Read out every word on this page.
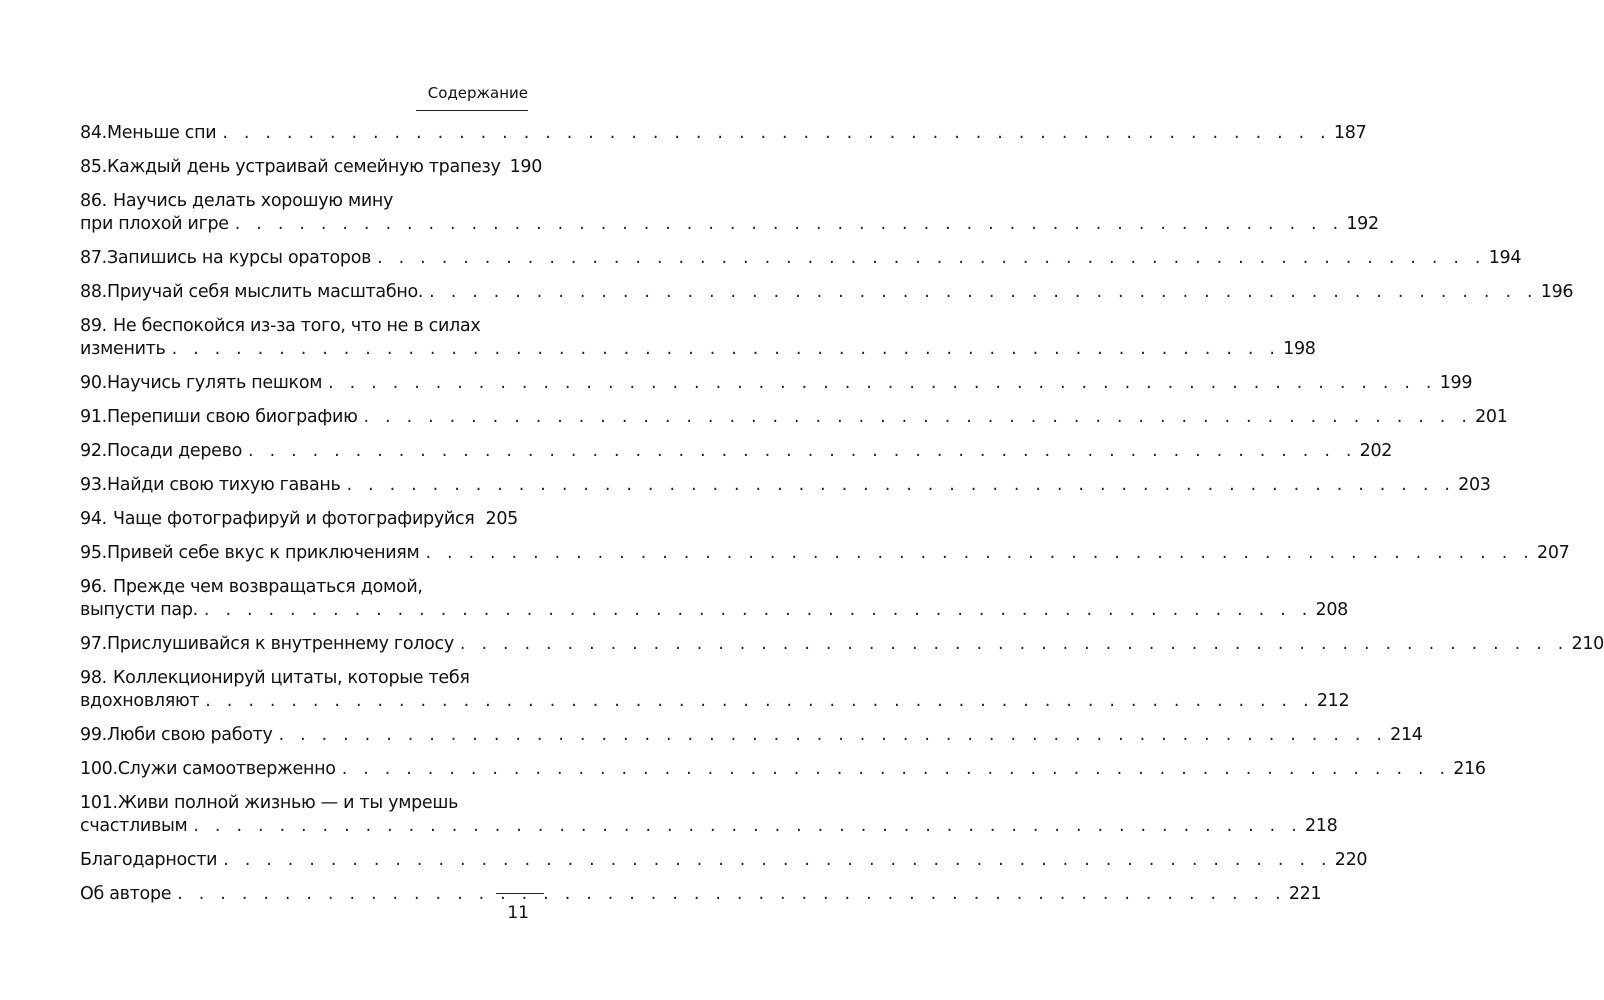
Содержание
84. Меньше спи . . . . . . . . . . . . . . . . . . . . . . . . . . . . . . . . . . . . . . . . . . . . . . . . . . . . 187
85. Каждый день устраивай семейную трапезу 190
86. Научись делать хорошую мину
при плохой игре . . . . . . . . . . . . . . . . . . . . . . . . . . . . . . . . . . . . . . . . . . . . . . . . . . . . 192
87. Запишись на курсы ораторов . . . . . . . . . . . . . . . . . . . . . . . . . . . . . . . . . . . . . . . . . . . . . . . . . . . . 194
88. Приучай себя мыслить масштабно. . . . . . . . . . . . . . . . . . . . . . . . . . . . . . . . . . . . . . . . . . . . . . . . . . . . . 196
89. Не беспокойся из-за того, что не в силах
изменить . . . . . . . . . . . . . . . . . . . . . . . . . . . . . . . . . . . . . . . . . . . . . . . . . . . . 198
90. Научись гулять пешком . . . . . . . . . . . . . . . . . . . . . . . . . . . . . . . . . . . . . . . . . . . . . . . . . . . . 199
91. Перепиши свою биографию . . . . . . . . . . . . . . . . . . . . . . . . . . . . . . . . . . . . . . . . . . . . . . . . . . . . 201
92. Посади дерево . . . . . . . . . . . . . . . . . . . . . . . . . . . . . . . . . . . . . . . . . . . . . . . . . . . . 202
93. Найди свою тихую гавань . . . . . . . . . . . . . . . . . . . . . . . . . . . . . . . . . . . . . . . . . . . . . . . . . . . . 203
94. Чаще фотографируй и фотографируйся 205
95. Привей себе вкус к приключениям . . . . . . . . . . . . . . . . . . . . . . . . . . . . . . . . . . . . . . . . . . . . . . . . . . . . 207
96. Прежде чем возвращаться домой,
выпусти пар. . . . . . . . . . . . . . . . . . . . . . . . . . . . . . . . . . . . . . . . . . . . . . . . . . . . . 208
97. Прислушивайся к внутреннему голосу . . . . . . . . . . . . . . . . . . . . . . . . . . . . . . . . . . . . . . . . . . . . . . . . . . . . 210
98. Коллекционируй цитаты, которые тебя
вдохновляют . . . . . . . . . . . . . . . . . . . . . . . . . . . . . . . . . . . . . . . . . . . . . . . . . . . . 212
99. Люби свою работу . . . . . . . . . . . . . . . . . . . . . . . . . . . . . . . . . . . . . . . . . . . . . . . . . . . . 214
100. Служи самоотверженно . . . . . . . . . . . . . . . . . . . . . . . . . . . . . . . . . . . . . . . . . . . . . . . . . . . . 216
101. Живи полной жизнью — и ты умрешь
счастливым . . . . . . . . . . . . . . . . . . . . . . . . . . . . . . . . . . . . . . . . . . . . . . . . . . . . 218
Благодарности . . . . . . . . . . . . . . . . . . . . . . . . . . . . . . . . . . . . . . . . . . . . . . . . . . . . 220
Об авторе . . . . . . . . . . . . . . . . . . . . . . . . . . . . . . . . . . . . . . . . . . . . . . . . . . . . 221
11
